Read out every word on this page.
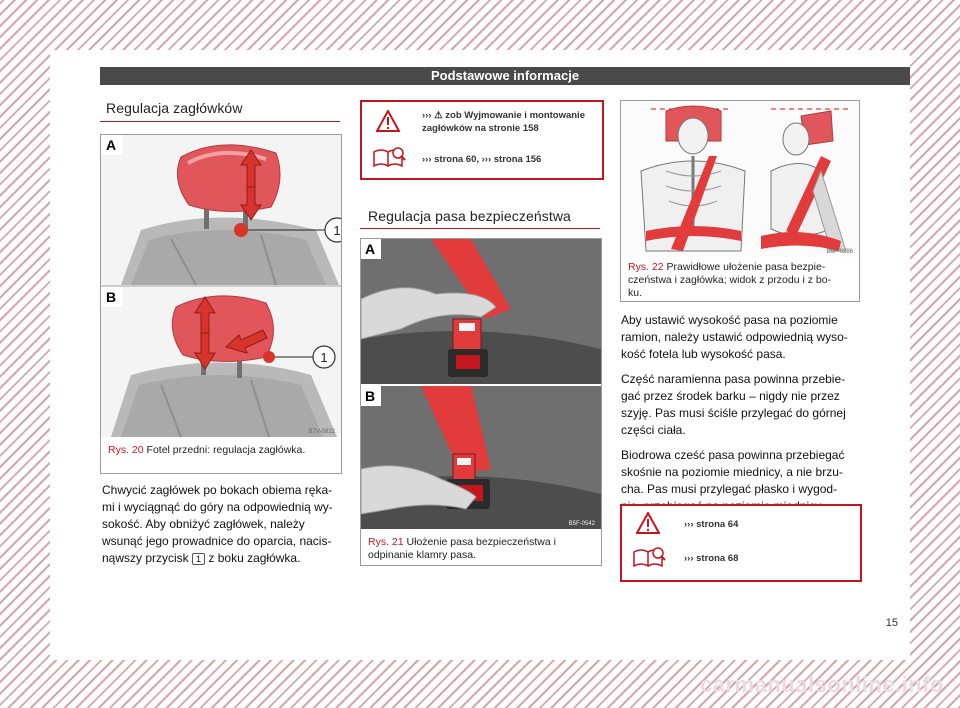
Podstawowe informacje
Regulacja zagłówków
1
A
1
B
B7V-0822
Rys. 20 Fotel przedni: regulacja zagłówka.
Chwycić zagłówek po bokach obiema ręka-
mi i wyciągnąć do góry na odpowiednią wy-
sokość. Aby obniżyć zagłówek, należy
wsunąć jego prowadnice do oparcia, nacis-
nąwszy przycisk 1 z boku zagłówka.
››› ⚠ zob Wyjmowanie i montowanie
zagłówków na stronie 158
››› strona 60, ››› strona 156
Regulacja pasa bezpieczeństwa
A
B
B5F-0542
Rys. 21 Ułożenie pasa bezpieczeństwa i
odpinanie klamry pasa.
B5F-0286
Rys. 22 Prawidłowe ułożenie pasa bezpie-
czeństwa i zagłówka; widok z przodu i z bo-
ku.

Aby ustawić wysokość pasa na poziomie
ramion, należy ustawić odpowiednią wyso-
kość fotela lub wysokość pasa.

Część naramienna pasa powinna przebie-
gać przez środek barku – nigdy nie przez
szyję. Pas musi ściśle przylegać do górnej
części ciała.

Biodrowa cześć pasa powinna przebiegać
skośnie na poziomie miednicy, a nie brzu-
cha. Pas musi przylegać płasko i wygod-

››› strona 64
››› strona 68
15
carmanualsonline.info
